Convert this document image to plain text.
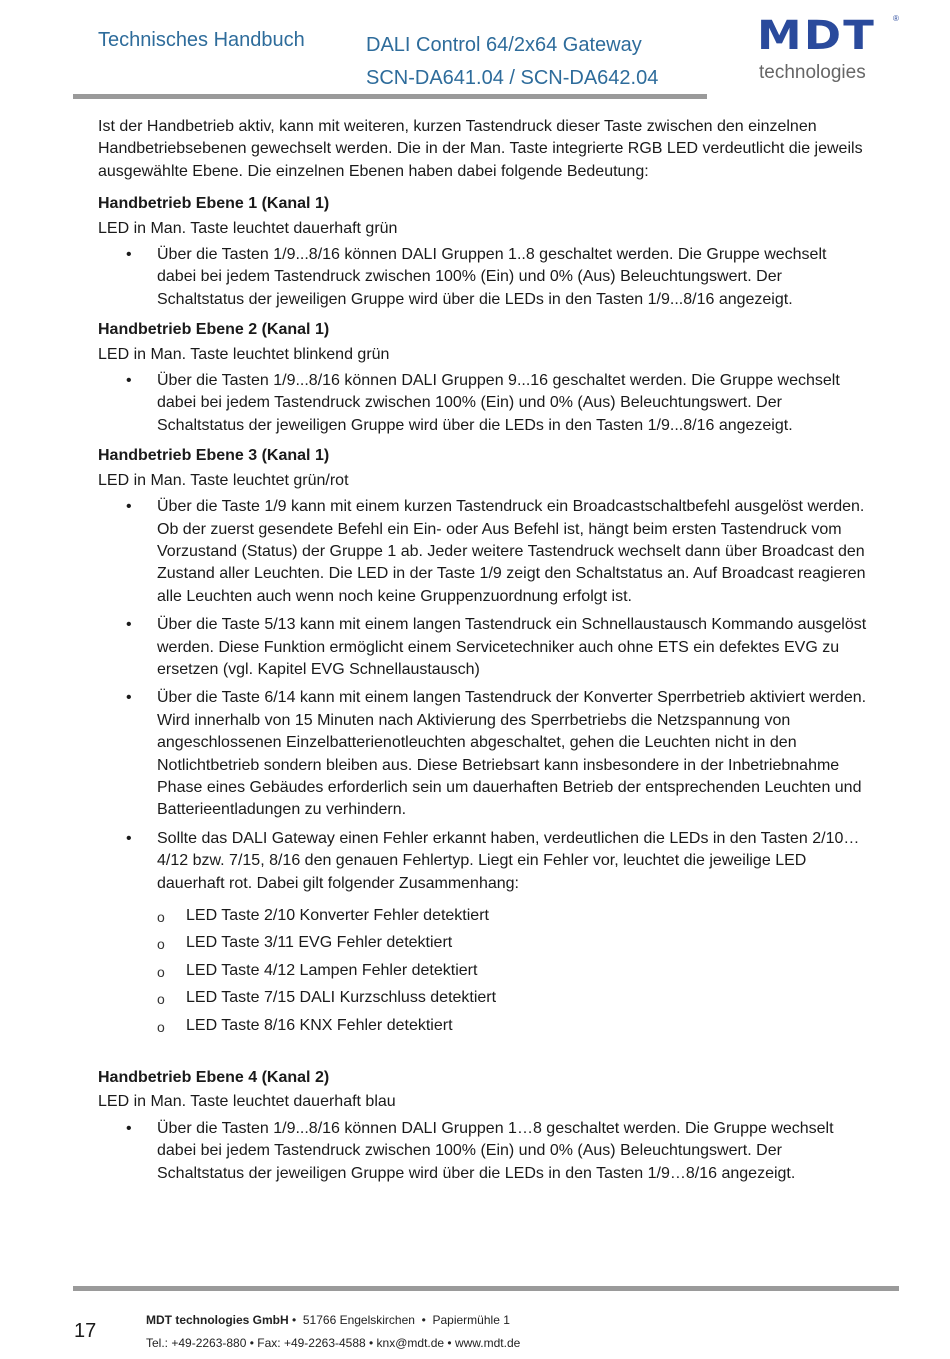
Technisches Handbuch	DALI Control 64/2x64 Gateway
SCN-DA641.04 / SCN-DA642.04
MDT	®
technologies

Ist der Handbetrieb aktiv, kann mit weiteren, kurzen Tastendruck dieser Taste zwischen den einzelnen Handbetriebsebenen gewechselt werden. Die in der Man. Taste integrierte RGB LED verdeutlicht die jeweils ausgewählte Ebene. Die einzelnen Ebenen haben dabei folgende Bedeutung:

Handbetrieb Ebene 1 (Kanal 1)

LED in Man. Taste leuchtet dauerhaft grün

• Über die Tasten 1/9...8/16 können DALI Gruppen 1..8 geschaltet werden. Die Gruppe wechselt dabei bei jedem Tastendruck zwischen 100% (Ein) und 0% (Aus) Beleuchtungswert. Der Schaltstatus der jeweiligen Gruppe wird über die LEDs in den Tasten 1/9...8/16 angezeigt.
Handbetrieb Ebene 2 (Kanal 1)

LED in Man. Taste leuchtet blinkend grün

• Über die Tasten 1/9...8/16 können DALI Gruppen 9...16 geschaltet werden. Die Gruppe wechselt dabei bei jedem Tastendruck zwischen 100% (Ein) und 0% (Aus) Beleuchtungswert. Der Schaltstatus der jeweiligen Gruppe wird über die LEDs in den Tasten 1/9...8/16 angezeigt.
Handbetrieb Ebene 3 (Kanal 1)

LED in Man. Taste leuchtet grün/rot

• Über die Taste 1/9 kann mit einem kurzen Tastendruck ein Broadcastschaltbefehl ausgelöst werden. Ob der zuerst gesendete Befehl ein Ein- oder Aus Befehl ist, hängt beim ersten Tastendruck vom Vorzustand (Status) der Gruppe 1 ab. Jeder weitere Tastendruck wechselt dann über Broadcast den Zustand aller Leuchten. Die LED in der Taste 1/9 zeigt den Schaltstatus an. Auf Broadcast reagieren alle Leuchten auch wenn noch keine Gruppenzuordnung erfolgt ist.
• Über die Taste 5/13 kann mit einem langen Tastendruck ein Schnellaustausch Kommando ausgelöst werden. Diese Funktion ermöglicht einem Servicetechniker auch ohne ETS ein defektes EVG zu ersetzen (vgl. Kapitel EVG Schnellaustausch)
• Über die Taste 6/14 kann mit einem langen Tastendruck der Konverter Sperrbetrieb aktiviert werden. Wird innerhalb von 15 Minuten nach Aktivierung des Sperrbetriebs die Netzspannung von angeschlossenen Einzelbatterienotleuchten abgeschaltet, gehen die Leuchten nicht in den Notlichtbetrieb sondern bleiben aus. Diese Betriebsart kann insbesondere in der Inbetriebnahme Phase eines Gebäudes erforderlich sein um dauerhaften Betrieb der entsprechenden Leuchten und Batterieentladungen zu verhindern.
• Sollte das DALI Gateway einen Fehler erkannt haben, verdeutlichen die LEDs in den Tasten 2/10…4/12 bzw. 7/15, 8/16 den genauen Fehlertyp. Liegt ein Fehler vor, leuchtet die jeweilige LED dauerhaft rot. Dabei gilt folgender Zusammenhang:
o LED Taste 2/10 Konverter Fehler detektiert
o LED Taste 3/11 EVG Fehler detektiert
o LED Taste 4/12 Lampen Fehler detektiert
o LED Taste 7/15 DALI Kurzschluss detektiert
o LED Taste 8/16 KNX Fehler detektiert
Handbetrieb Ebene 4 (Kanal 2)

LED in Man. Taste leuchtet dauerhaft blau

• Über die Tasten 1/9...8/16 können DALI Gruppen 1…8 geschaltet werden. Die Gruppe wechselt dabei bei jedem Tastendruck zwischen 100% (Ein) und 0% (Aus) Beleuchtungswert. Der Schaltstatus der jeweiligen Gruppe wird über die LEDs in den Tasten 1/9…8/16 angezeigt.
17	MDT technologies GmbH •  51766 Engelskirchen  •  Papiermühle 1
Tel.: +49-2263-880 • Fax: +49-2263-4588 • knx@mdt.de • www.mdt.de
